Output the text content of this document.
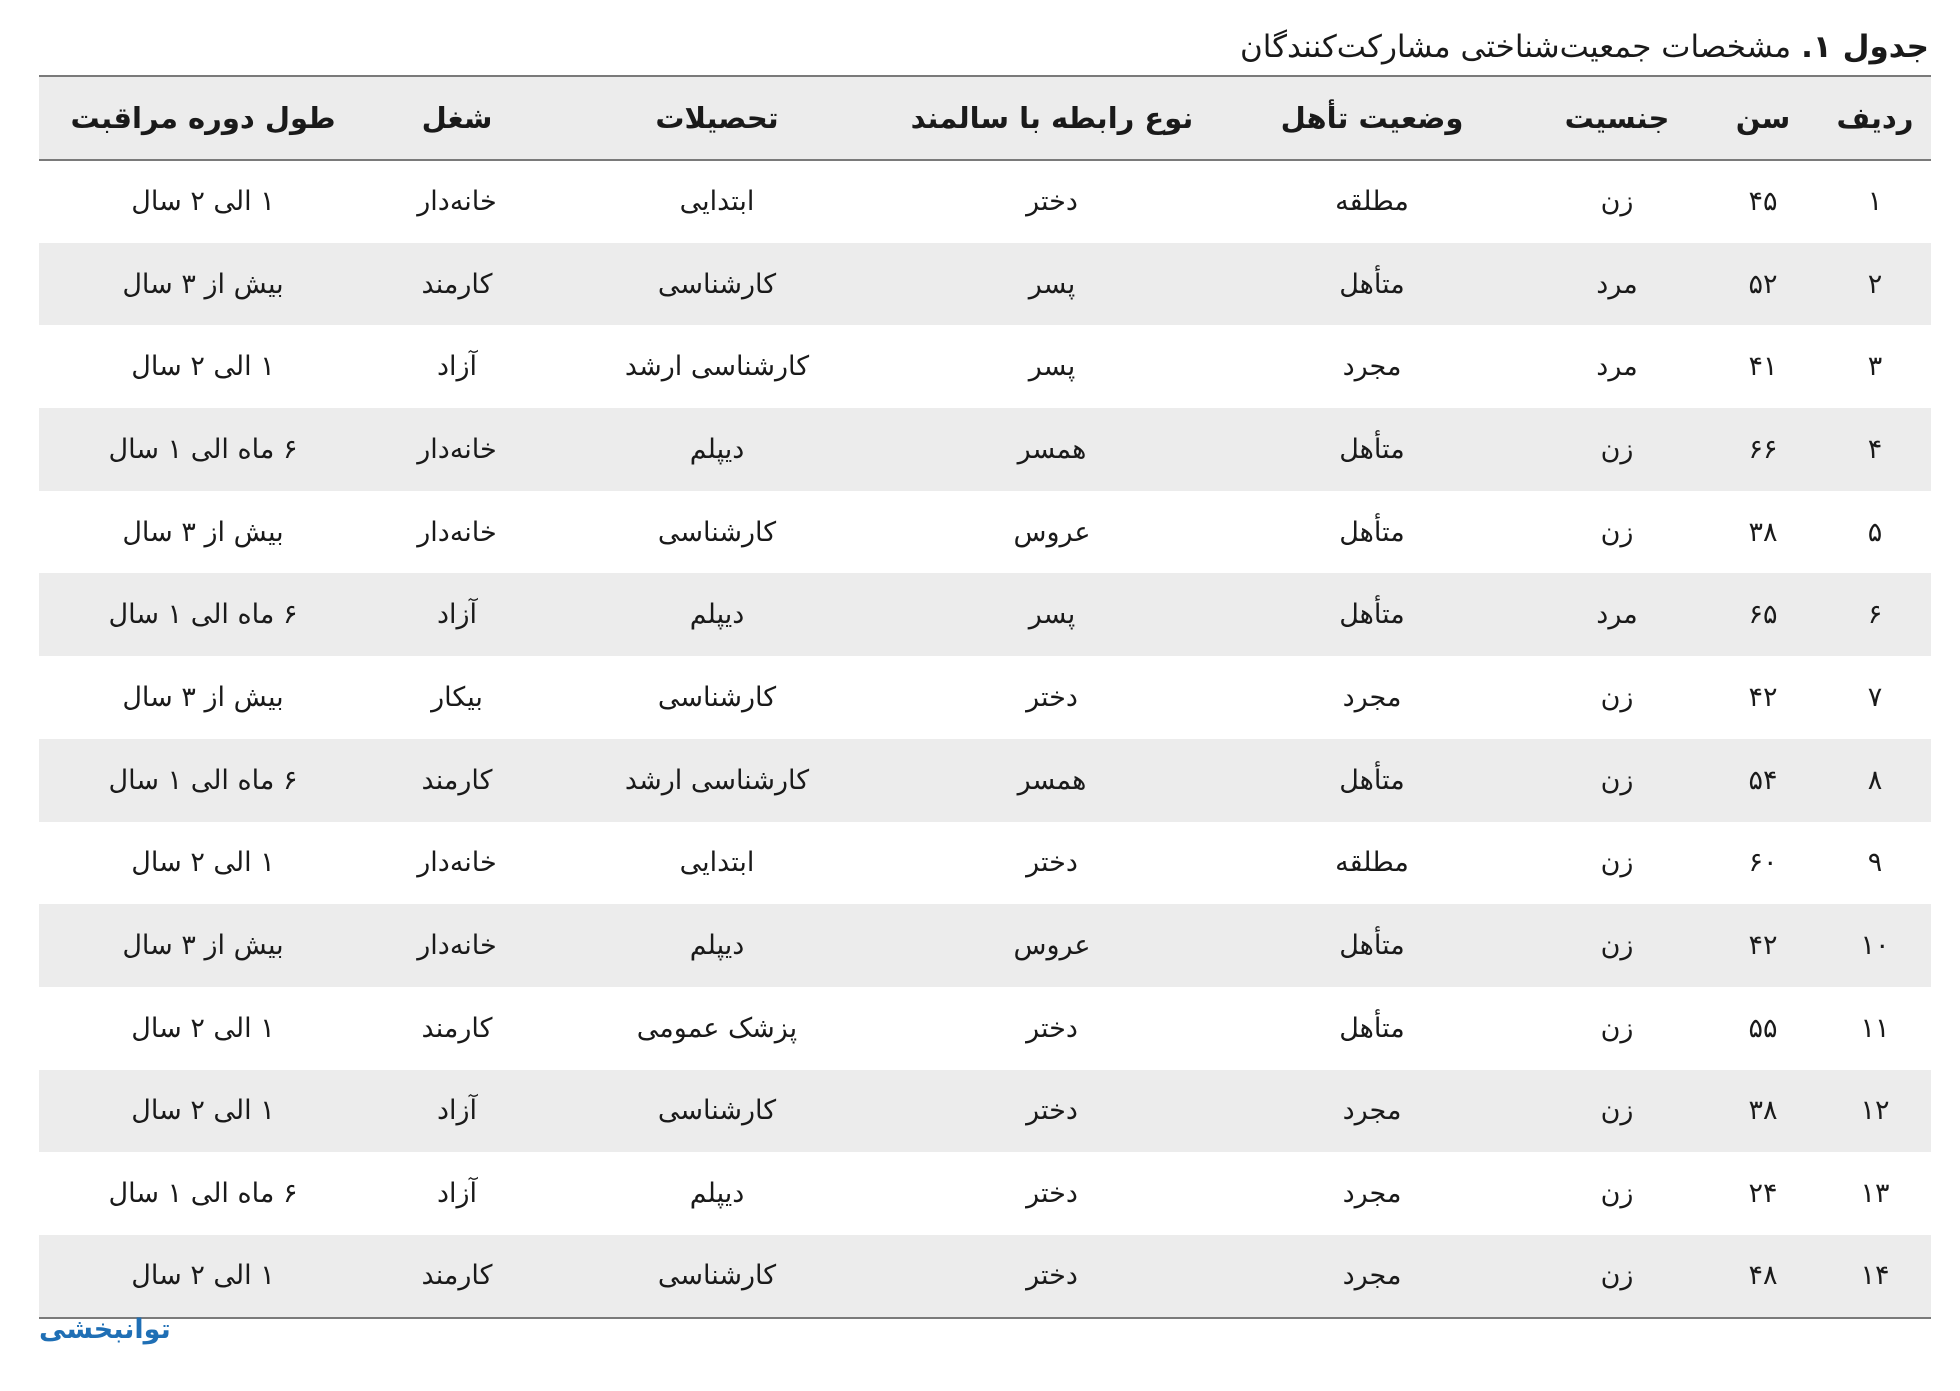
جدول ۱.
مشخصات جمعیت‌شناختی مشارکت‌کنندگان
ردیف	سن	جنسیت	وضعیت تأهل	نوع رابطه با سالمند	تحصیلات	شغل	طول دوره مراقبت
۱	۴۵	زن	مطلقه	دختر	ابتدایی	خانه‌دار	۱ الی ۲ سال
۲	۵۲	مرد	متأهل	پسر	کارشناسی	کارمند	بیش از ۳ سال
۳	۴۱	مرد	مجرد	پسر	کارشناسی ارشد	آزاد	۱ الی ۲ سال
۴	۶۶	زن	متأهل	همسر	دیپلم	خانه‌دار	۶ ماه الی ۱ سال
۵	۳۸	زن	متأهل	عروس	کارشناسی	خانه‌دار	بیش از ۳ سال
۶	۶۵	مرد	متأهل	پسر	دیپلم	آزاد	۶ ماه الی ۱ سال
۷	۴۲	زن	مجرد	دختر	کارشناسی	بیکار	بیش از ۳ سال
۸	۵۴	زن	متأهل	همسر	کارشناسی ارشد	کارمند	۶ ماه الی ۱ سال
۹	۶۰	زن	مطلقه	دختر	ابتدایی	خانه‌دار	۱ الی ۲ سال
۱۰	۴۲	زن	متأهل	عروس	دیپلم	خانه‌دار	بیش از ۳ سال
۱۱	۵۵	زن	متأهل	دختر	پزشک عمومی	کارمند	۱ الی ۲ سال
۱۲	۳۸	زن	مجرد	دختر	کارشناسی	آزاد	۱ الی ۲ سال
۱۳	۲۴	زن	مجرد	دختر	دیپلم	آزاد	۶ ماه الی ۱ سال
۱۴	۴۸	زن	مجرد	دختر	کارشناسی	کارمند	۱ الی ۲ سال
توانبخشی
